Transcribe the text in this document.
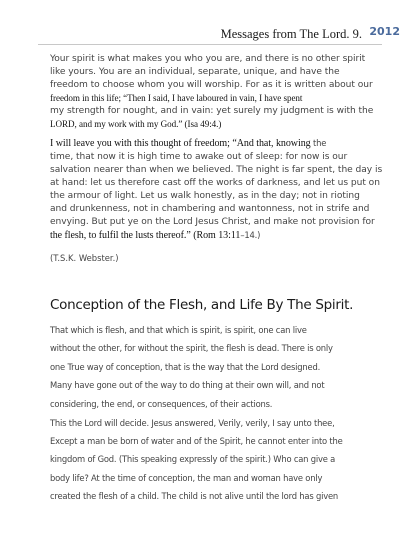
Messages from The Lord. 9. 2012

Your spirit is what makes you who you are, and there is no other spirit

like yours. You are an individual, separate, unique, and have the

freedom to choose whom you will worship. For as it is written about our

freedom in this life; “Then I said, I have laboured in vain, I have spent

my strength for nought, and in vain: yet surely my judgment is with the

LORD, and my work with my God.” (Isa 49:4.)

I will leave you with this thought of freedom; “And that, knowing the

time, that now it is high time to awake out of sleep: for now is our

salvation nearer than when we believed. The night is far spent, the day is

at hand: let us therefore cast off the works of darkness, and let us put on

the armour of light. Let us walk honestly, as in the day; not in rioting

and drunkenness, not in chambering and wantonness, not in strife and

envying. But put ye on the Lord Jesus Christ, and make not provision for

the flesh, to fulfil the lusts thereof.” (Rom 13:11–14.)

(T.S.K. Webster.)
Conception of the Flesh, and Life By The Spirit.

That which is flesh, and that which is spirit, is spirit, one can live

without the other, for without the spirit, the flesh is dead. There is only

one True way of conception, that is the way that the Lord designed.

Many have gone out of the way to do thing at their own will, and not

considering, the end, or consequences, of their actions.

This the Lord will decide. Jesus answered, Verily, verily, I say unto thee,

Except a man be born of water and of the Spirit, he cannot enter into the

kingdom of God. (This speaking expressly of the spirit.) Who can give a

body life? At the time of conception, the man and woman have only

created the flesh of a child. The child is not alive until the lord has given
